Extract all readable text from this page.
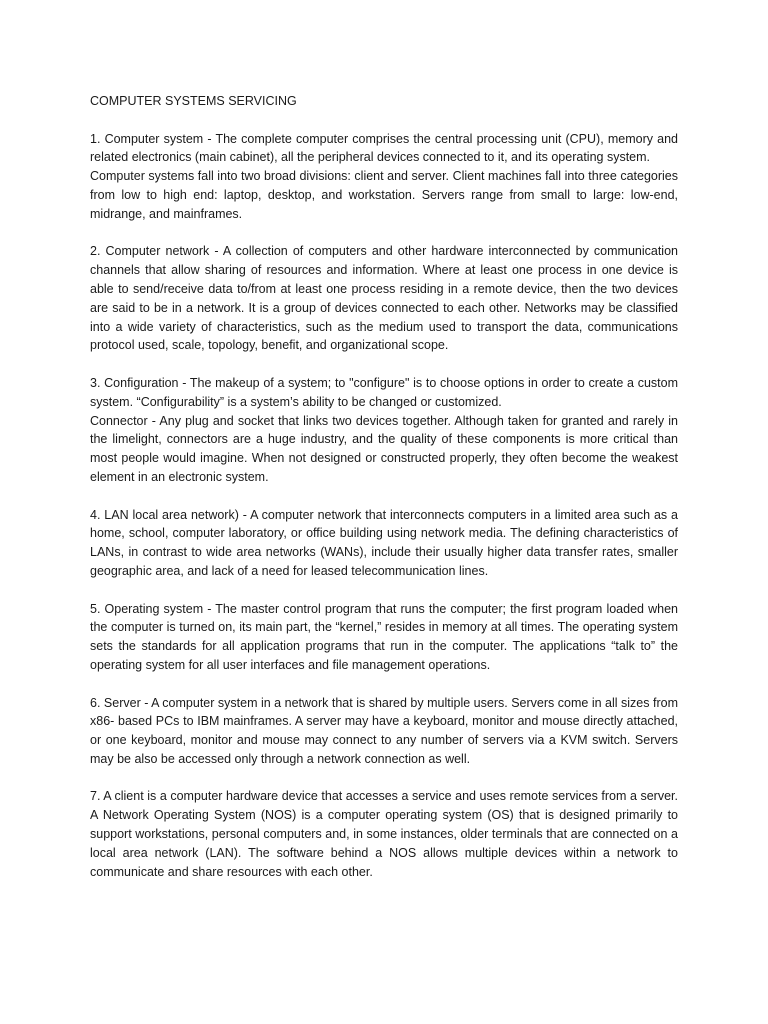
COMPUTER SYSTEMS SERVICING
1. Computer system - The complete computer comprises the central processing unit (CPU), memory and related electronics (main cabinet), all the peripheral devices connected to it, and its operating system.
Computer systems fall into two broad divisions: client and server. Client machines fall into three categories from low to high end: laptop, desktop, and workstation. Servers range from small to large: low-end, midrange, and mainframes.
2. Computer network - A collection of computers and other hardware interconnected by communication channels that allow sharing of resources and information. Where at least one process in one device is able to send/receive data to/from at least one process residing in a remote device, then the two devices are said to be in a network. It is a group of devices connected to each other. Networks may be classified into a wide variety of characteristics, such as the medium used to transport the data, communications protocol used, scale, topology, benefit, and organizational scope.
3. Configuration - The makeup of a system; to "configure" is to choose options in order to create a custom system. “Configurability” is a system’s ability to be changed or customized.
Connector - Any plug and socket that links two devices together. Although taken for granted and rarely in the limelight, connectors are a huge industry, and the quality of these components is more critical than most people would imagine. When not designed or constructed properly, they often become the weakest element in an electronic system.
4. LAN local area network) - A computer network that interconnects computers in a limited area such as a home, school, computer laboratory, or office building using network media. The defining characteristics of LANs, in contrast to wide area networks (WANs), include their usually higher data transfer rates, smaller geographic area, and lack of a need for leased telecommunication lines.
5. Operating system - The master control program that runs the computer; the first program loaded when the computer is turned on, its main part, the “kernel,” resides in memory at all times. The operating system sets the standards for all application programs that run in the computer. The applications “talk to” the operating system for all user interfaces and file management operations.
6. Server - A computer system in a network that is shared by multiple users. Servers come in all sizes from x86- based PCs to IBM mainframes. A server may have a keyboard, monitor and mouse directly attached, or one keyboard, monitor and mouse may connect to any number of servers via a KVM switch. Servers may be also be accessed only through a network connection as well.
7. A client is a computer hardware device that accesses a service and uses remote services from a server. A Network Operating System (NOS) is a computer operating system (OS) that is designed primarily to support workstations, personal computers and, in some instances, older terminals that are connected on a local area network (LAN). The software behind a NOS allows multiple devices within a network to communicate and share resources with each other.
